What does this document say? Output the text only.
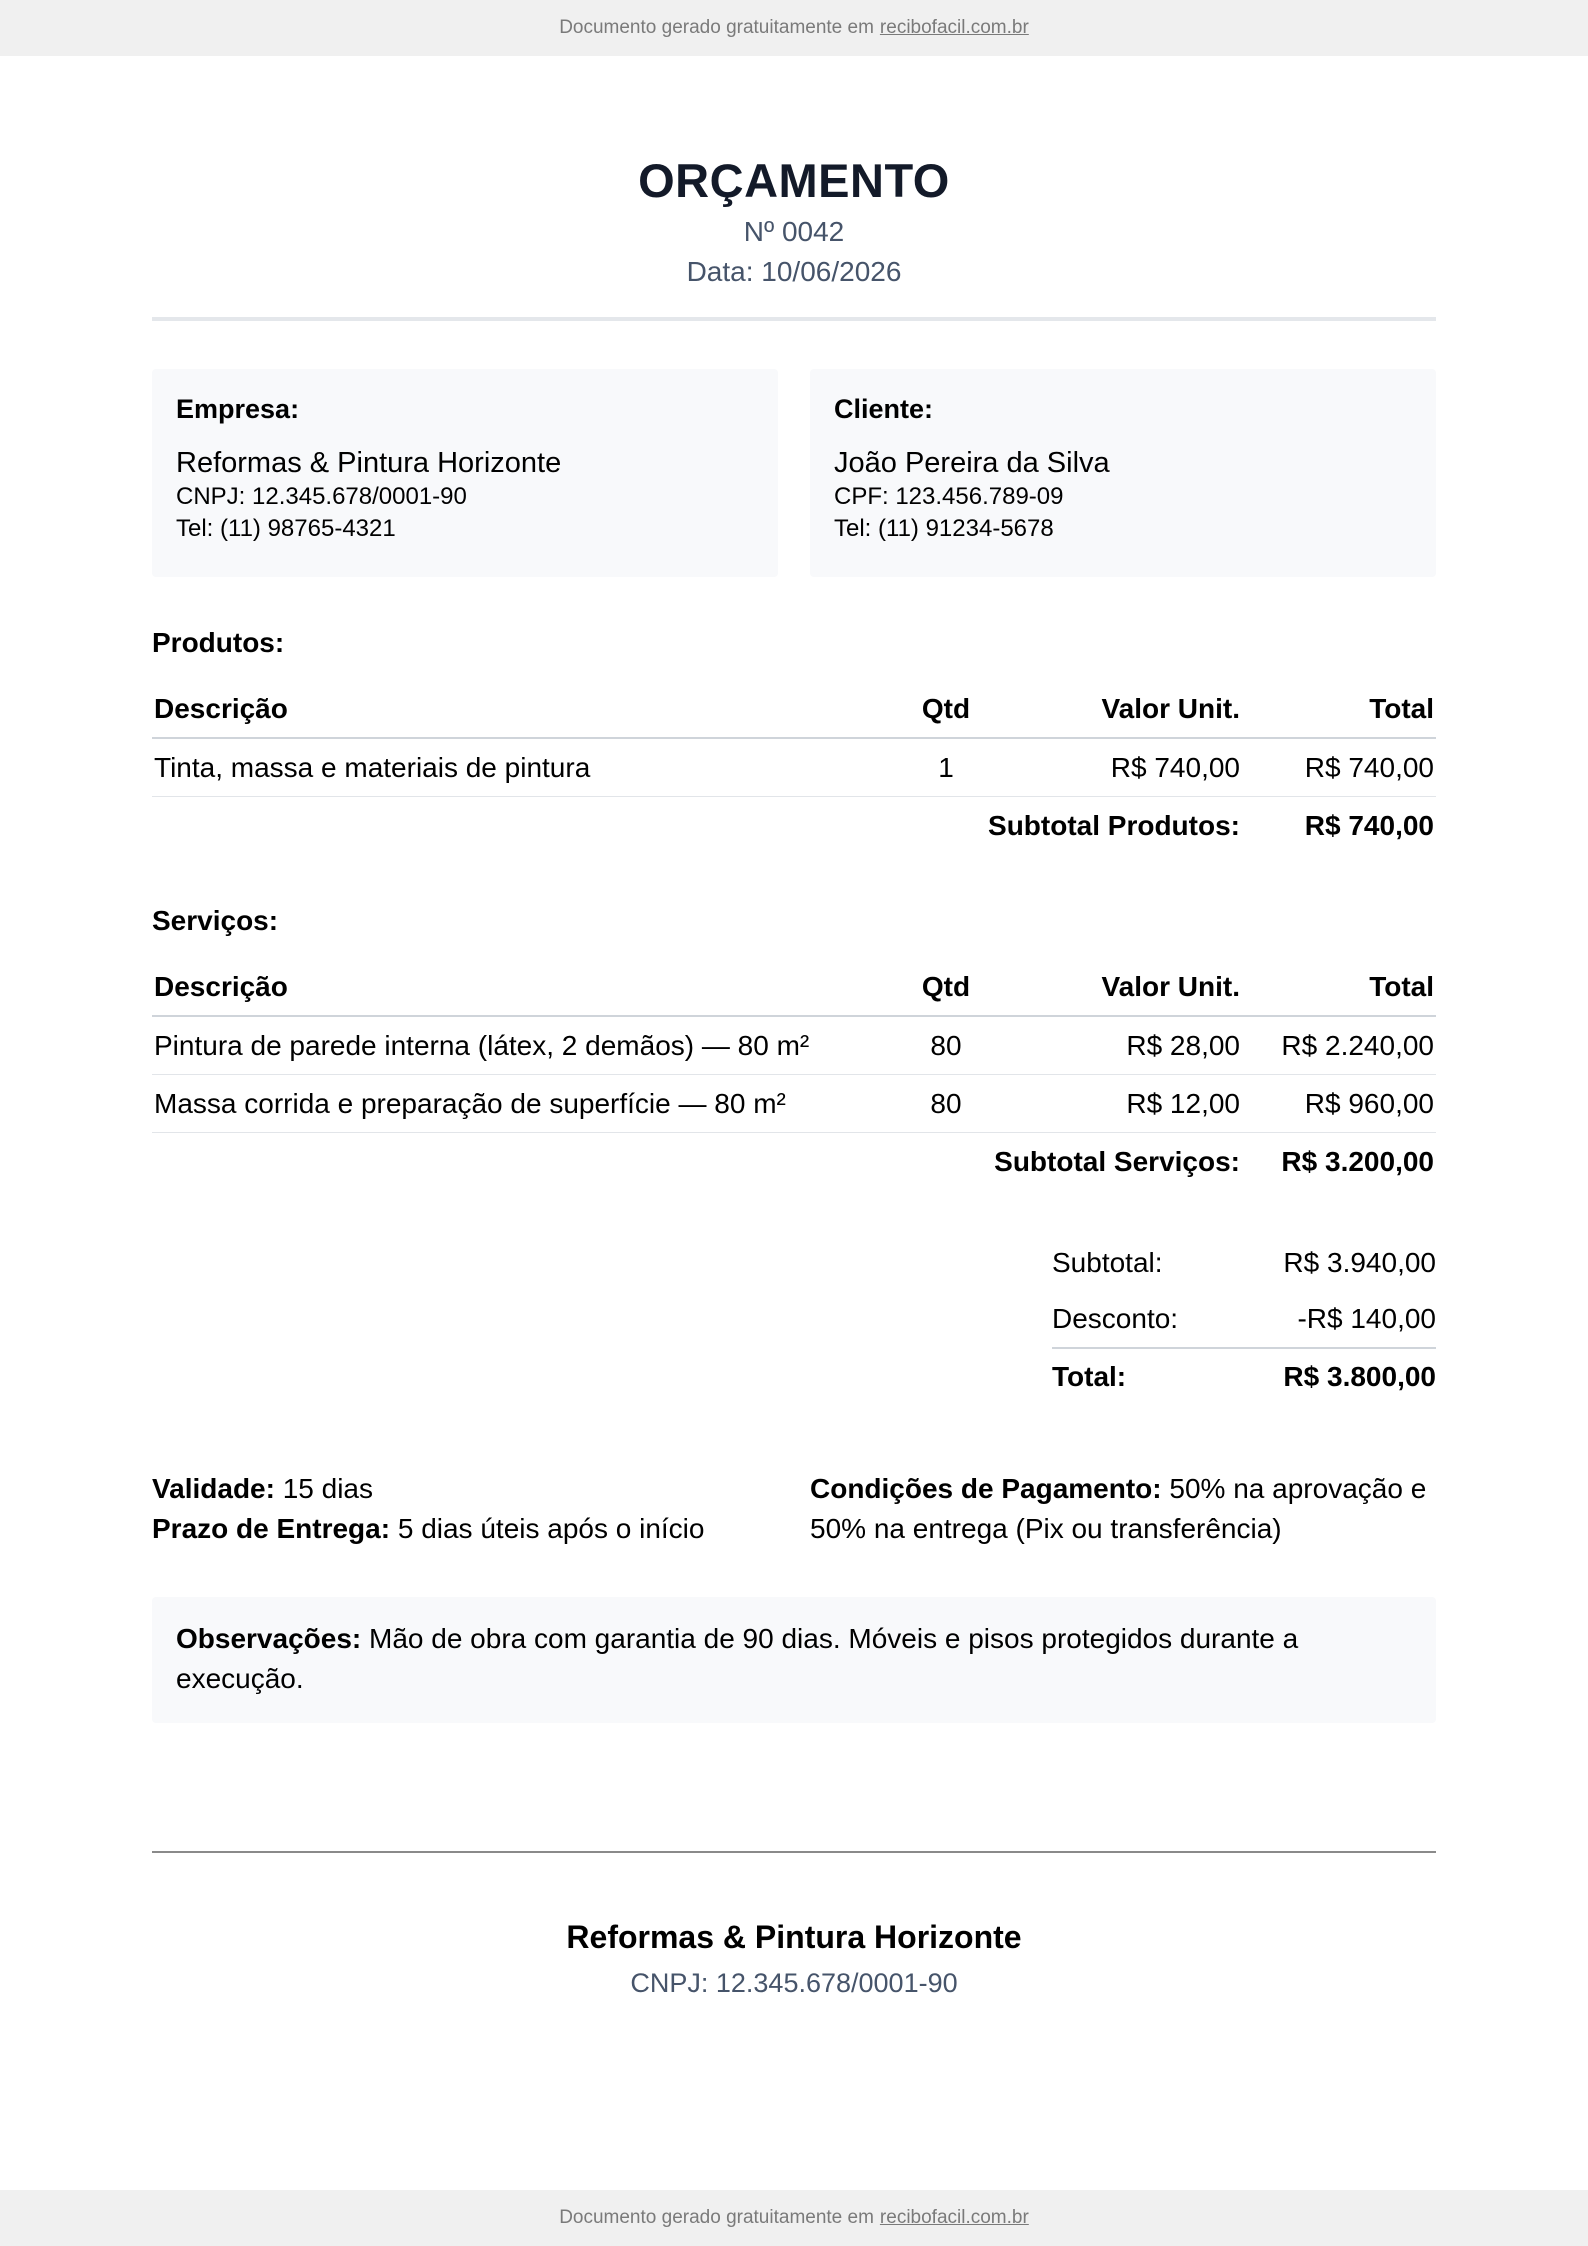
Documento gerado gratuitamente em recibofacil.com.br
ORÇAMENTO
Nº 0042
Data: 10/06/2026
Empresa:
Reformas & Pintura Horizonte
CNPJ: 12.345.678/0001-90
Tel: (11) 98765-4321
Cliente:
João Pereira da Silva
CPF: 123.456.789-09
Tel: (11) 91234-5678
Produtos:
Descrição	Qtd	Valor Unit.	Total
Tinta, massa e materiais de pintura	1	R$ 740,00	R$ 740,00
Subtotal Produtos:			R$ 740,00
Serviços:
Descrição	Qtd	Valor Unit.	Total
Pintura de parede interna (látex, 2 demãos) — 80 m²	80	R$ 28,00	R$ 2.240,00
Massa corrida e preparação de superfície — 80 m²	80	R$ 12,00	R$ 960,00
Subtotal Serviços:			R$ 3.200,00
Subtotal:	R$ 3.940,00
Desconto:	-R$ 140,00
Total:	R$ 3.800,00
Validade: 15 dias
Prazo de Entrega: 5 dias úteis após o início
Condições de Pagamento: 50% na aprovação e 50% na entrega (Pix ou transferência)
Observações: Mão de obra com garantia de 90 dias. Móveis e pisos protegidos durante a execução.
Reformas & Pintura Horizonte
CNPJ: 12.345.678/0001-90
Documento gerado gratuitamente em recibofacil.com.br
